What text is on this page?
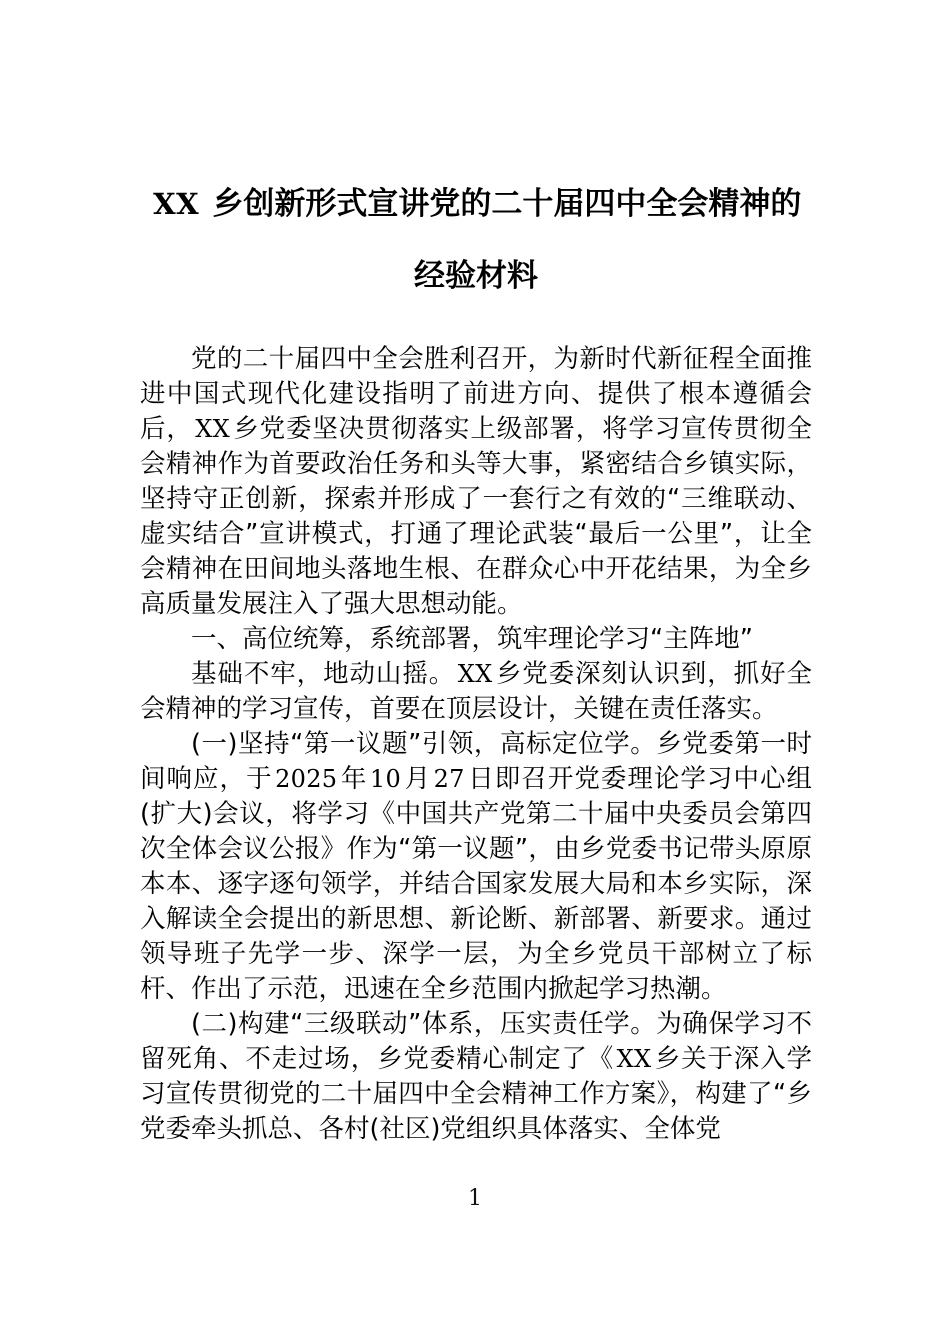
XX 乡创新形式宣讲党的二十届四中全会精神的经验材料

党的二十届四中全会胜利召开，为新时代新征程全面推进中国式现代化建设指明了前进方向、提供了根本遵循会后， XX乡党委坚决贯彻落实上级部署，将学习宣传贯彻全会精神作为首要政治任务和头等大事，紧密结合乡镇实际，坚持守正创新，探索并形成了一套行之有效的“三维联动、虚实结合”宣讲模式，打通了理论武装“最后一公里”，让全会精神在田间地头落地生根、在群众心中开花结果，为全乡高质量发展注入了强大思想动能。

一、高位统筹，系统部署，筑牢理论学习“主阵地”

基础不牢，地动山摇。 XX乡党委深刻认识到，抓好全会精神的学习宣传，首要在顶层设计，关键在责任落实。

(一)坚持“第一议题”引领，高标定位学。乡党委第一时间响应，于 2025年 10月 27日即召开党委理论学习中心组(扩大)会议，将学习《中国共产党第二十届中央委员会第四次全体会议公报》作为“第一议题”，由乡党委书记带头原原本本、逐字逐句领学，并结合国家发展大局和本乡实际，深入解读全会提出的新思想、新论断、新部署、新要求。通过领导班子先学一步、深学一层，为全乡党员干部树立了标杆、作出了示范，迅速在全乡范围内掀起学习热潮。

(二)构建“三级联动”体系，压实责任学。为确保学习不留死角、不走过场，乡党委精心制定了《 XX乡关于深入学习宣传贯彻党的二十届四中全会精神工作方案》，构建了“乡党委牵头抓总、各村(社区)党组织具体落实、全体党

1
